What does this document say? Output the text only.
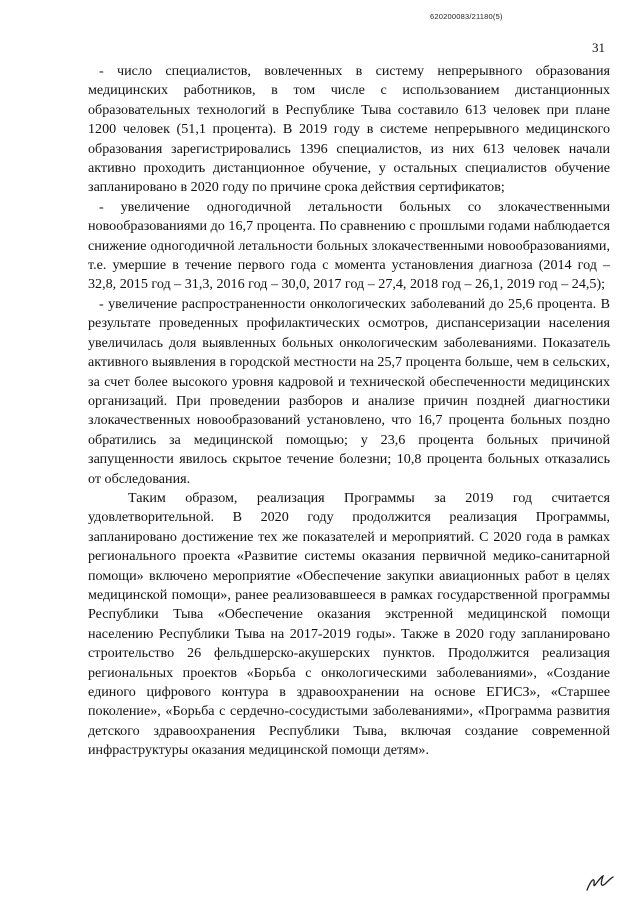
620200083/21180(5)
31

- число специалистов, вовлеченных в систему непрерывного образования медицинских работников, в том числе с использованием дистанционных образовательных технологий в Республике Тыва составило 613 человек при плане 1200 человек (51,1 процента). В 2019 году в системе непрерывного медицинского образования зарегистрировались 1396 специалистов, из них 613 человек начали активно проходить дистанционное обучение, у остальных специалистов обучение запланировано в 2020 году по причине срока действия сертификатов;

- увеличение одногодичной летальности больных со злокачественными новообразованиями до 16,7 процента. По сравнению с прошлыми годами наблюдается снижение одногодичной летальности больных злокачественными новообразованиями, т.е. умершие в течение первого года с момента установления диагноза (2014 год – 32,8, 2015 год – 31,3, 2016 год – 30,0, 2017 год – 27,4, 2018 год – 26,1, 2019 год – 24,5);

- увеличение распространенности онкологических заболеваний до 25,6 процента. В результате проведенных профилактических осмотров, диспансеризации населения увеличилась доля выявленных больных онкологическим заболеваниями. Показатель активного выявления в городской местности на 25,7 процента больше, чем в сельских, за счет более высокого уровня кадровой и технической обеспеченности медицинских организаций. При проведении разборов и анализе причин поздней диагностики злокачественных новообразований установлено, что 16,7 процента больных поздно обратились за медицинской помощью; у 23,6 процента больных причиной запущенности явилось скрытое течение болезни; 10,8 процента больных отказались от обследования.

Таким образом, реализация Программы за 2019 год считается удовлетворительной. В 2020 году продолжится реализация Программы, запланировано достижение тех же показателей и мероприятий. С 2020 года в рамках регионального проекта «Развитие системы оказания первичной медико-санитарной помощи» включено мероприятие «Обеспечение закупки авиационных работ в целях медицинской помощи», ранее реализовавшееся в рамках государственной программы Республики Тыва «Обеспечение оказания экстренной медицинской помощи населению Республики Тыва на 2017-2019 годы». Также в 2020 году запланировано строительство 26 фельдшерско-акушерских пунктов. Продолжится реализация региональных проектов «Борьба с онкологическими заболеваниями», «Создание единого цифрового контура в здравоохранении на основе ЕГИСЗ», «Старшее поколение», «Борьба с сердечно-сосудистыми заболеваниями», «Программа развития детского здравоохранения Республики Тыва, включая создание современной инфраструктуры оказания медицинской помощи детям».
